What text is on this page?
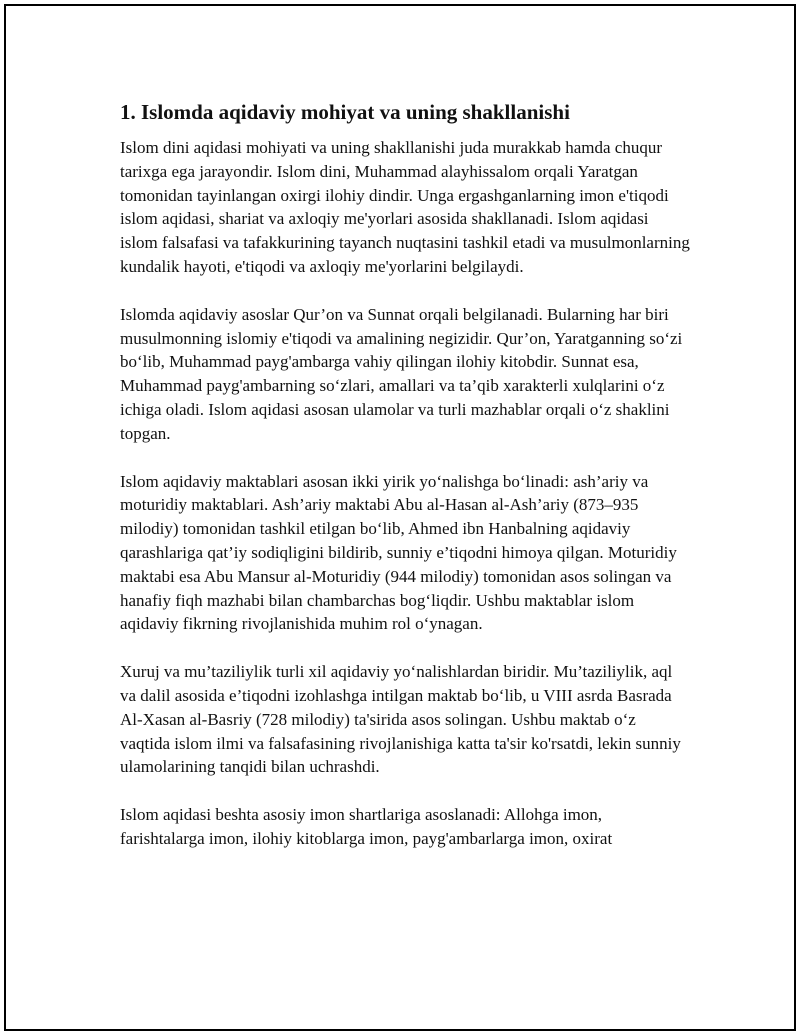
1. Islomda aqidaviy mohiyat va uning shakllanishi

Islom dini aqidasi mohiyati va uning shakllanishi juda murakkab hamda chuqur tarixga ega jarayondir. Islom dini, Muhammad alayhissalom orqali Yaratgan tomonidan tayinlangan oxirgi ilohiy dindir. Unga ergashganlarning imon e'tiqodi islom aqidasi, shariat va axloqiy me'yorlari asosida shakllanadi. Islom aqidasi islom falsafasi va tafakkurining tayanch nuqtasini tashkil etadi va musulmonlarning kundalik hayoti, e'tiqodi va axloqiy me'yorlarini belgilaydi.

Islomda aqidaviy asoslar Qur’on va Sunnat orqali belgilanadi. Bularning har biri musulmonning islomiy e'tiqodi va amalining negizidir. Qur’on, Yaratganning so‘zi bo‘lib, Muhammad payg'ambarga vahiy qilingan ilohiy kitobdir. Sunnat esa, Muhammad payg'ambarning so‘zlari, amallari va ta’qib xarakterli xulqlarini o‘z ichiga oladi. Islom aqidasi asosan ulamolar va turli mazhablar orqali o‘z shaklini topgan.

Islom aqidaviy maktablari asosan ikki yirik yo‘nalishga bo‘linadi: ash’ariy va moturidiy maktablari. Ash’ariy maktabi Abu al-Hasan al-Ash’ariy (873–935 milodiy) tomonidan tashkil etilgan bo‘lib, Ahmed ibn Hanbalning aqidaviy qarashlariga qat’iy sodiqligini bildirib, sunniy e’tiqodni himoya qilgan. Moturidiy maktabi esa Abu Mansur al-Moturidiy (944 milodiy) tomonidan asos solingan va hanafiy fiqh mazhabi bilan chambarchas bog‘liqdir. Ushbu maktablar islom aqidaviy fikrning rivojlanishida muhim rol o‘ynagan.

Xuruj va mu’taziliylik turli xil aqidaviy yo‘nalishlardan biridir. Mu’taziliylik, aql va dalil asosida e’tiqodni izohlashga intilgan maktab bo‘lib, u VIII asrda Basrada Al-Xasan al-Basriy (728 milodiy) ta'sirida asos solingan. Ushbu maktab o‘z vaqtida islom ilmi va falsafasining rivojlanishiga katta ta'sir ko'rsatdi, lekin sunniy ulamolarining tanqidi bilan uchrashdi.

Islom aqidasi beshta asosiy imon shartlariga asoslanadi: Allohga imon, farishtalarga imon, ilohiy kitoblarga imon, payg'ambarlarga imon, oxirat
